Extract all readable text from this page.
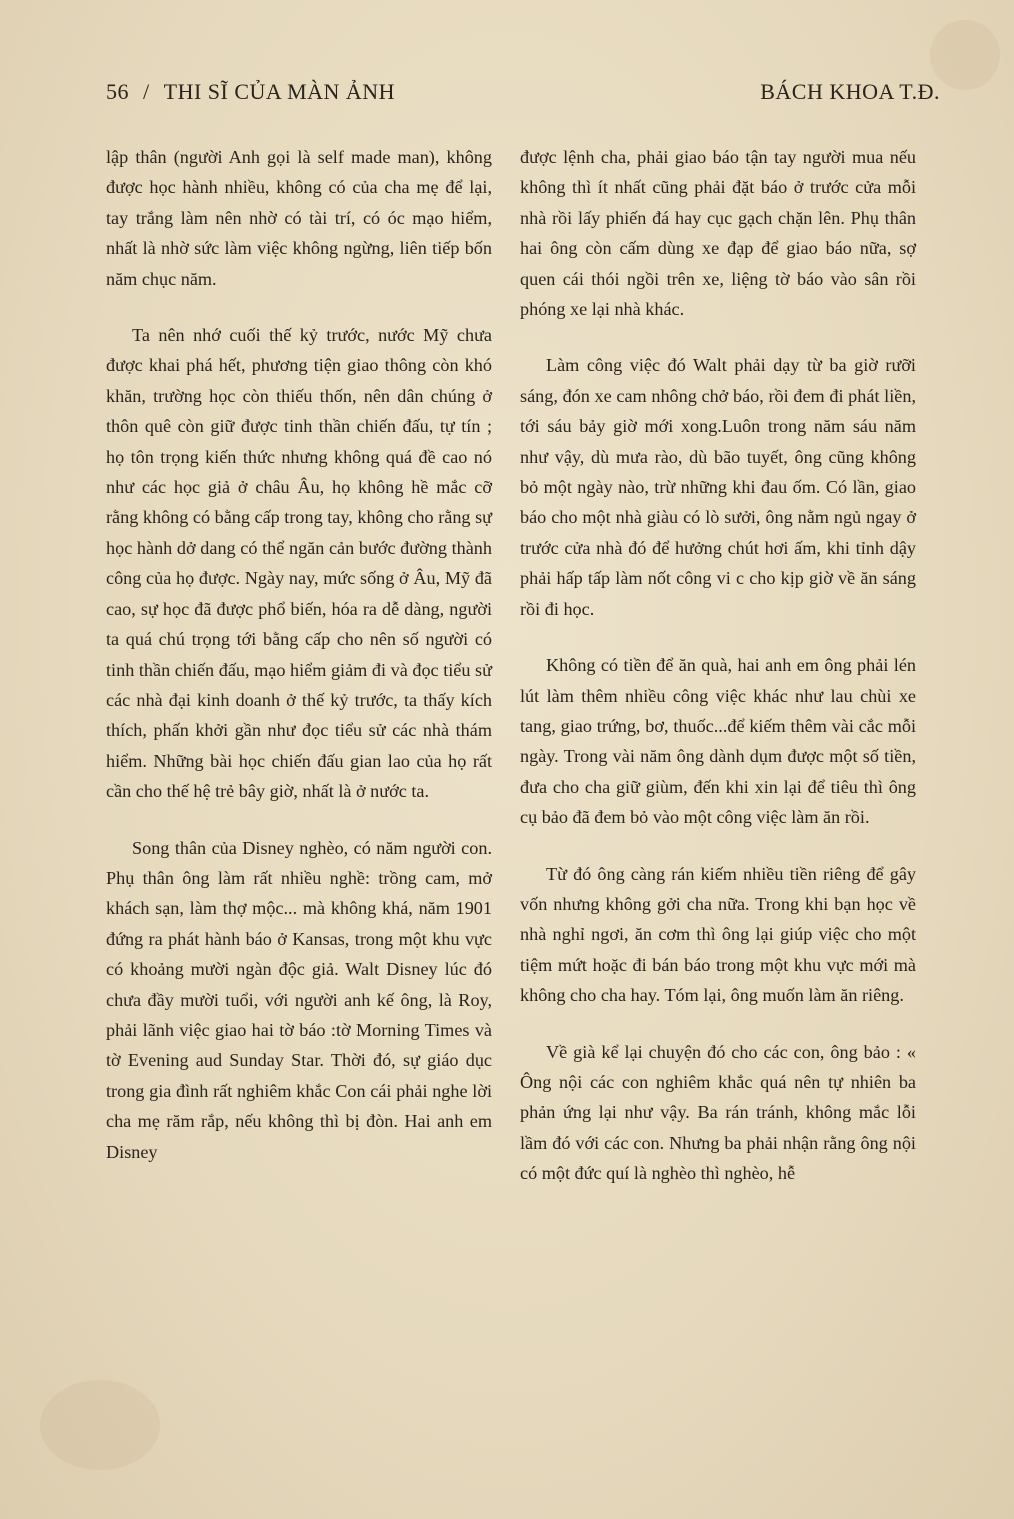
56 / THI SĨ CỦA MÀN ẢNH	BÁCH KHOA T.Đ.

lập thân (người Anh gọi là self made man), không được học hành nhiều, không có của cha mẹ để lại, tay trắng làm nên nhờ có tài trí, có óc mạo hiểm, nhất là nhờ sức làm việc không ngừng, liên tiếp bốn năm chục năm.

Ta nên nhớ cuối thế kỷ trước, nước Mỹ chưa được khai phá hết, phương tiện giao thông còn khó khăn, trường học còn thiếu thốn, nên dân chúng ở thôn quê còn giữ được tinh thần chiến đấu, tự tín ; họ tôn trọng kiến thức nhưng không quá đề cao nó như các học giả ở châu Âu, họ không hề mắc cỡ rằng không có bằng cấp trong tay, không cho rằng sự học hành dở dang có thể ngăn cản bước đường thành công của họ được. Ngày nay, mức sống ở Âu, Mỹ đã cao, sự học đã được phổ biến, hóa ra dễ dàng, người ta quá chú trọng tới bằng cấp cho nên số người có tinh thần chiến đấu, mạo hiểm giảm đi và đọc tiểu sử các nhà đại kinh doanh ở thế kỷ trước, ta thấy kích thích, phấn khởi gần như đọc tiểu sử các nhà thám hiểm. Những bài học chiến đấu gian lao của họ rất cần cho thế hệ trẻ bây giờ, nhất là ở nước ta.

Song thân của Disney nghèo, có năm người con. Phụ thân ông làm rất nhiều nghề: trồng cam, mở khách sạn, làm thợ mộc... mà không khá, năm 1901 đứng ra phát hành báo ở Kansas, trong một khu vực có khoảng mười ngàn độc giả. Walt Disney lúc đó chưa đầy mười tuổi, với người anh kế ông, là Roy, phải lãnh việc giao hai tờ báo :tờ Morning Times và tờ Evening aud Sunday Star. Thời đó, sự giáo dục trong gia đình rất nghiêm khắc Con cái phải nghe lời cha mẹ răm rắp, nếu không thì bị đòn. Hai anh em Disney

được lệnh cha, phải giao báo tận tay người mua nếu không thì ít nhất cũng phải đặt báo ở trước cửa mỗi nhà rồi lấy phiến đá hay cục gạch chặn lên. Phụ thân hai ông còn cấm dùng xe đạp để giao báo nữa, sợ quen cái thói ngồi trên xe, liệng tờ báo vào sân rồi phóng xe lại nhà khác.

Làm công việc đó Walt phải dạy từ ba giờ rưỡi sáng, đón xe cam nhông chở báo, rồi đem đi phát liền, tới sáu bảy giờ mới xong.Luôn trong năm sáu năm như vậy, dù mưa rào, dù bão tuyết, ông cũng không bỏ một ngày nào, trừ những khi đau ốm. Có lần, giao báo cho một nhà giàu có lò sưởi, ông nằm ngủ ngay ở trước cửa nhà đó để hưởng chút hơi ấm, khi tỉnh dậy phải hấp tấp làm nốt công vi c cho kịp giờ về ăn sáng rồi đi học.

Không có tiền để ăn quà, hai anh em ông phải lén lút làm thêm nhiều công việc khác như lau chùi xe tang, giao trứng, bơ, thuốc...để kiếm thêm vài cắc mỗi ngày. Trong vài năm ông dành dụm được một số tiền, đưa cho cha giữ giùm, đến khi xin lại để tiêu thì ông cụ bảo đã đem bỏ vào một công việc làm ăn rồi.

Từ đó ông càng rán kiếm nhiều tiền riêng để gây vốn nhưng không gởi cha nữa. Trong khi bạn học về nhà nghỉ ngơi, ăn cơm thì ông lại giúp việc cho một tiệm mứt hoặc đi bán báo trong một khu vực mới mà không cho cha hay. Tóm lại, ông muốn làm ăn riêng.

Về già kể lại chuyện đó cho các con, ông bảo : « Ông nội các con nghiêm khắc quá nên tự nhiên ba phản ứng lại như vậy. Ba rán tránh, không mắc lỗi lầm đó với các con. Nhưng ba phải nhận rằng ông nội có một đức quí là nghèo thì nghèo, hễ
